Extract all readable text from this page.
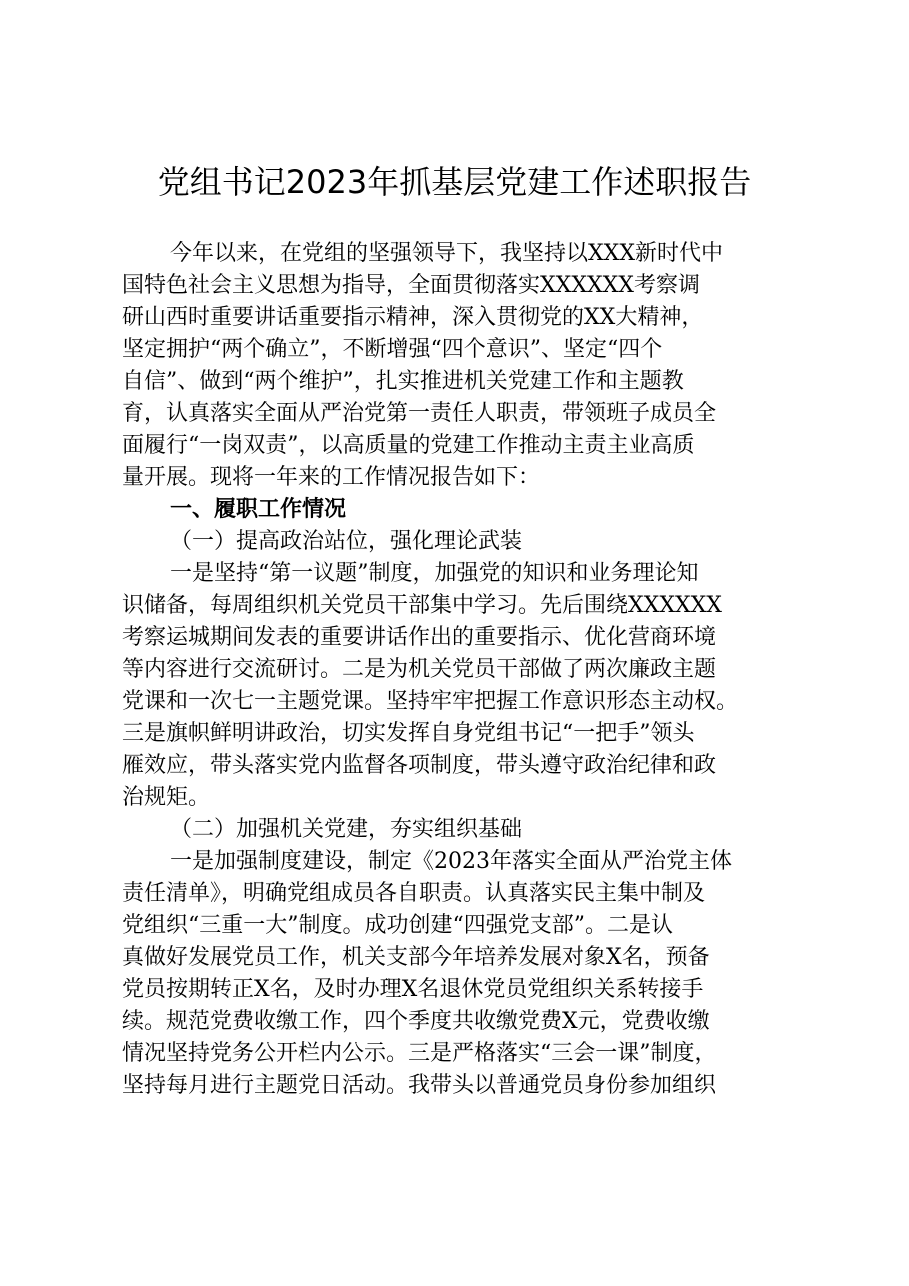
党组书记2023年抓基层党建工作述职报告
今年以来，在党组的坚强领导下，我坚持以XXX新时代中
国特色社会主义思想为指导，全面贯彻落实XXXXXX考察调
研山西时重要讲话重要指示精神，深入贯彻党的XX大精神，
坚定拥护“两个确立”，不断增强“四个意识”、坚定“四个
自信”、做到“两个维护”，扎实推进机关党建工作和主题教
育，认真落实全面从严治党第一责任人职责，带领班子成员全
面履行“一岗双责”，以高质量的党建工作推动主责主业高质
量开展。现将一年来的工作情况报告如下：
一、履职工作情况
（一）提高政治站位，强化理论武装
一是坚持“第一议题”制度，加强党的知识和业务理论知
识储备，每周组织机关党员干部集中学习。先后围绕XXXXXX
考察运城期间发表的重要讲话作出的重要指示、优化营商环境
等内容进行交流研讨。二是为机关党员干部做了两次廉政主题
党课和一次七一主题党课。坚持牢牢把握工作意识形态主动权。
三是旗帜鲜明讲政治，切实发挥自身党组书记“一把手”领头
雁效应，带头落实党内监督各项制度，带头遵守政治纪律和政
治规矩。
（二）加强机关党建，夯实组织基础
一是加强制度建设，制定《2023年落实全面从严治党主体
责任清单》，明确党组成员各自职责。认真落实民主集中制及
党组织“三重一大”制度。成功创建“四强党支部”。二是认
真做好发展党员工作，机关支部今年培养发展对象X名，预备
党员按期转正X名，及时办理X名退休党员党组织关系转接手
续。规范党费收缴工作，四个季度共收缴党费X元，党费收缴
情况坚持党务公开栏内公示。三是严格落实“三会一课”制度，
坚持每月进行主题党日活动。我带头以普通党员身份参加组织
